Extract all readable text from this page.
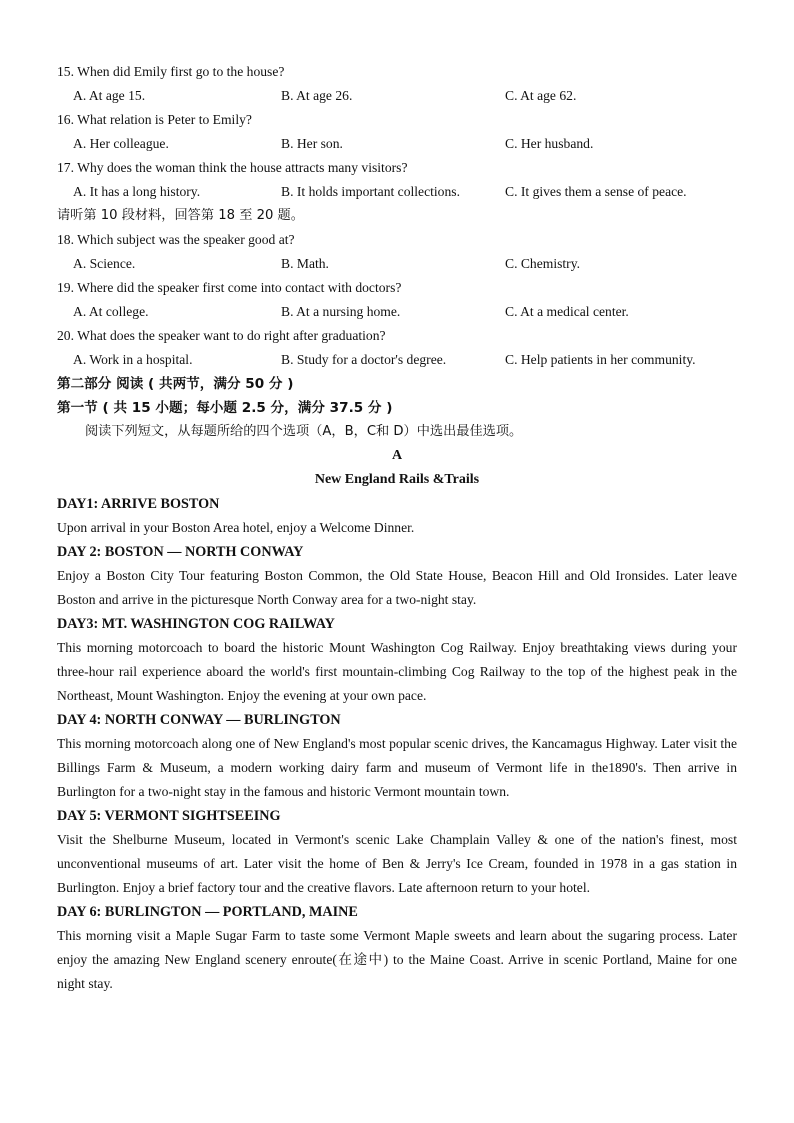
15. When did Emily first go to the house?
A. At age 15.	B. At age 26.	C. At age 62.
16. What relation is Peter to Emily?
A. Her colleague.	B. Her son.	C. Her husband.
17. Why does the woman think the house attracts many visitors?
A. It has a long history.	B. It holds important collections.	C. It gives them a sense of peace.
请听第 10 段材料，回答第 18 至 20 题。
18. Which subject was the speaker good at?
A. Science.	B. Math.	C. Chemistry.
19. Where did the speaker first come into contact with doctors?
A. At college.	B. At a nursing home.	C. At a medical center.
20. What does the speaker want to do right after graduation?
A. Work in a hospital.	B. Study for a doctor's degree.	C. Help patients in her community.
第二部分 阅读 ( 共两节，满分 50 分 )
第一节 ( 共 15 小题；每小题 2.5 分，满分 37.5 分 )
阅读下列短文，从每题所给的四个选项（A，B，C和 D）中选出最佳选项。
A
New England Rails &Trails
DAY1: ARRIVE BOSTON

Upon arrival in your Boston Area hotel, enjoy a Welcome Dinner.

DAY 2: BOSTON — NORTH CONWAY

Enjoy a Boston City Tour featuring Boston Common, the Old State House, Beacon Hill and Old Ironsides. Later leave Boston and arrive in the picturesque North Conway area for a two-night stay.

DAY3: MT. WASHINGTON COG RAILWAY

This morning motorcoach to board the historic Mount Washington Cog Railway. Enjoy breathtaking views during your three-hour rail experience aboard the world's first mountain-climbing Cog Railway to the top of the highest peak in the Northeast, Mount Washington. Enjoy the evening at your own pace.

DAY 4: NORTH CONWAY — BURLINGTON

This morning motorcoach along one of New England's most popular scenic drives, the Kancamagus Highway. Later visit the Billings Farm & Museum, a modern working dairy farm and museum of Vermont life in the1890's. Then arrive in Burlington for a two-night stay in the famous and historic Vermont mountain town.

DAY 5: VERMONT SIGHTSEEING

Visit the Shelburne Museum, located in Vermont's scenic Lake Champlain Valley & one of the nation's finest, most unconventional museums of art. Later visit the home of Ben & Jerry's Ice Cream, founded in 1978 in a gas station in Burlington. Enjoy a brief factory tour and the creative flavors. Late afternoon return to your hotel.

DAY 6: BURLINGTON — PORTLAND, MAINE

This morning visit a Maple Sugar Farm to taste some Vermont Maple sweets and learn about the sugaring process. Later enjoy the amazing New England scenery enroute(在途中) to the Maine Coast. Arrive in scenic Portland, Maine for one night stay.
